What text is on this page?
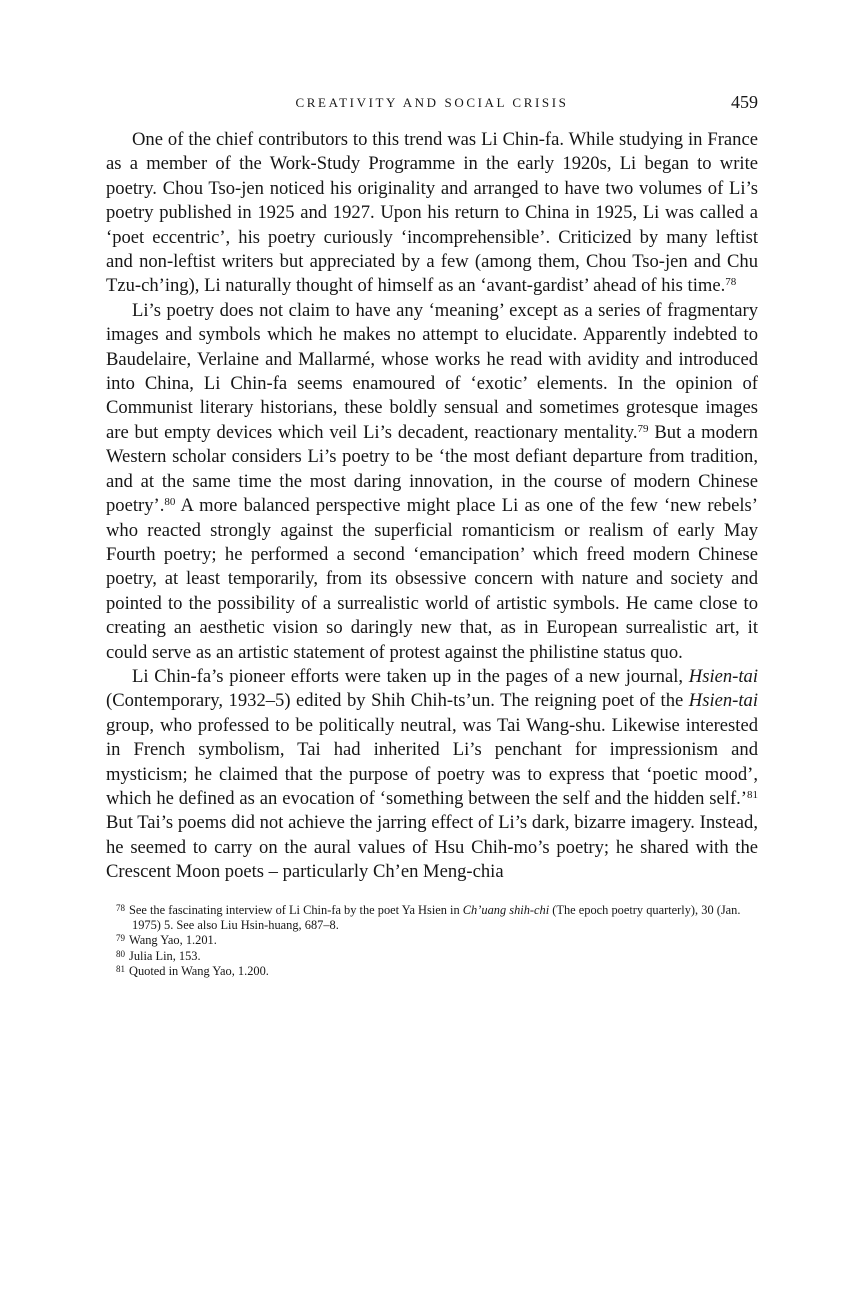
CREATIVITY AND SOCIAL CRISIS	459

One of the chief contributors to this trend was Li Chin-fa. While studying in France as a member of the Work-Study Programme in the early 1920s, Li began to write poetry. Chou Tso-jen noticed his originality and arranged to have two volumes of Li’s poetry published in 1925 and 1927. Upon his return to China in 1925, Li was called a ‘poet eccentric’, his poetry curiously ‘incomprehensible’. Criticized by many leftist and non-leftist writers but appreciated by a few (among them, Chou Tso-jen and Chu Tzu-ch’ing), Li naturally thought of himself as an ‘avant-gardist’ ahead of his time.$^{78}$

Li’s poetry does not claim to have any ‘meaning’ except as a series of fragmentary images and symbols which he makes no attempt to elucidate. Apparently indebted to Baudelaire, Verlaine and Mallarmé, whose works he read with avidity and introduced into China, Li Chin-fa seems enamoured of ‘exotic’ elements. In the opinion of Communist literary historians, these boldly sensual and sometimes grotesque images are but empty devices which veil Li’s decadent, reactionary mentality.$^{79}$ But a modern Western scholar considers Li’s poetry to be ‘the most defiant departure from tradition, and at the same time the most daring innovation, in the course of modern Chinese poetry’.$^{80}$ A more balanced perspective might place Li as one of the few ‘new rebels’ who reacted strongly against the superficial romanticism or realism of early May Fourth poetry; he performed a second ‘emancipation’ which freed modern Chinese poetry, at least temporarily, from its obsessive concern with nature and society and pointed to the possibility of a surrealistic world of artistic symbols. He came close to creating an aesthetic vision so daringly new that, as in European surrealistic art, it could serve as an artistic statement of protest against the philistine status quo.

Li Chin-fa’s pioneer efforts were taken up in the pages of a new journal, Hsien-tai (Contemporary, 1932–5) edited by Shih Chih-ts’un. The reigning poet of the Hsien-tai group, who professed to be politically neutral, was Tai Wang-shu. Likewise interested in French symbolism, Tai had inherited Li’s penchant for impressionism and mysticism; he claimed that the purpose of poetry was to express that ‘poetic mood’, which he defined as an evocation of ‘something between the self and the hidden self.’$^{81}$ But Tai’s poems did not achieve the jarring effect of Li’s dark, bizarre imagery. Instead, he seemed to carry on the aural values of Hsu Chih-mo’s poetry; he shared with the Crescent Moon poets – particularly Ch’en Meng-chia

$^{78}$ See the fascinating interview of Li Chin-fa by the poet Ya Hsien in Ch’uang shih-chi (The epoch poetry quarterly), 30 (Jan. 1975) 5. See also Liu Hsin-huang, 687–8.

$^{79}$ Wang Yao, 1.201.

$^{80}$ Julia Lin, 153.

$^{81}$ Quoted in Wang Yao, 1.200.
